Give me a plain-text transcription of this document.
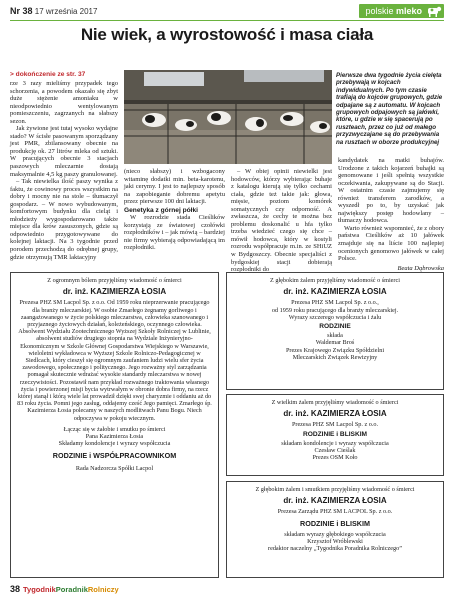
Nr 38 17 września 2017	polskie mleko
Nie wiek, a wyrostowość i masa ciała
> dokończenie ze str. 37	Pierwsze dwa tygodnie życia cielęta przebywają w kojcach indywidualnych. Po tym czasie trafiają do kojców grupowych, gdzie odpajane są z automatu. W kojcach grupowych odpajowych są jałówki, które, u gdzie w się spacerują po ruszteach, przez co już od małego przyzwyczajane są do przebywania na rusztach w oborze produkcyjnej

rze 3 razy mieliśmy przypadek tego schorzenia, a powodem okazało się zbyt duże stężenie amoniaku w nieodpowiednio wentylowanym pomieszczeniu, zagrzanych na słabszy sezon.

Jak żywione jest tutaj wysoko wydajne stado? W ścisłe pasowanym sporządzany jest PMR, zbilansowany obecnie na produkcję ok. 27 litrów mleka od sztuki. W pracujących obecnie 3 stacjach paszowych mleczarnie dostają maksymalnie 4,5 kg paszy granulowanej.

– Tak niewielka ilość paszy wynika z faktu, że cowinowy proces wszystkim na dobry i mocny nie na stole – tłumaczył gospodarz. – W nowo wybudowanym, komfortowym budynku dla cieląt i młodzieży wygospodarowano także miejsce dla krów zasuszonych, gdzie są odpowiednio przygotowywane do kolejnej laktacji. Na 3 tygodnie przed porodem przechodzą do odrębnej grupy, gdzie otrzymują TMR laktacyjny

(nieco słabszy) i wzbogacony witaminę dodatki min. beta-karotenu, jaki cerymy. I jest to najlepszy sposób na zapobieganie dobremu apetytu przez pierwsze 100 dni laktacji.

Genetyka z górnej półki

W rozrodzie stada Cieślików korzystają ze światowej czołówki rozpłodników i – jak mówią – bardziej nie firmy wybierają odpowiadającą im rozpłodniki.

– W obiej opinii niewielki jest hodowców, którzy wybierając buhaje z katalogu kierują się tylko cechami ciała, gdzie też takie jak: głowa, mięsie, poziom komórek somatycznych czy odporność. A zwłaszcza, że cechy te można bez problemu doskonalić u hfa tylko trzeba wiedzieć czego się chce – mówił hodowca, który w kostyli rozrodu współpracuje m.in. ze SHiUZ w Bydgoszczy. Obecnie specjaliści z bydgoskiej stacji dobierają rozpłodniki do

kandydatek na matki buhajów. Urodzone z takich kojarzeń buhajki są genomowane i jeśli spełnią wszystkie oczekiwania, zakupywane są do Stacji. W ostatnim czasie zajmujemy się również transferem zarodków, a wyszedł po to, by uzyskać jak największy postęp hodowlany – tłumaczy hodowca.

Warto również wspomnieć, że z obory państwa Cieślików aż 10 jałówek zmajduje się na liście 100 najlepiej ocenionych genomowo jałówek w całej Polsce.

Beata Dąbrowska

Z ogromnym bólem przyjęliśmy wiadomość o śmierci

dr. inż. KAZIMIERZA ŁOSIA

Prezesa PHZ SM Lacpol Sp. z o.o. Od 1959 roku nieprzerwanie pracującego dla branży mleczarskiej. W osobie Zmarłego żegnamy gorliwego i zaangażowanego w życie polskiego mleczarstwa, człowieka szanowanego i przyjaznego życiowych działań, koleżeńskiego, oczynnego człowieka. Absolwent Wydziału Zootechnicznego Wyższej Szkoły Rolniczej w Lublinie, absolwent studiów drugiego stopnia na Wydziale Inżynieryjno-Ekonomicznym w Szkole Głównej Gospodarstwa Wiejskiego w Warszawie, wieloletni wykładowca w Wyższej Szkole Rolniczo-Pedagogicznej w Siedlcach, który cieszył się ogromnym zaufaniem ludzi wielu sfer życia zawodowego, społecznego i politycznego. Jego rozważny styl zarządzania pomagał skutecznie wdrażać wysokie standardy mleczarstwa w nowej rzeczywistości. Pozostawił nam przykład rozważnego traktowania własnego życia i powierzonej misji bycia wytrwałym w obronie dobra firmy, na rzecz której stanął i którą wiele lat prowadził dzięki swej charyzmie i oddaniu aż do 83 roku życia. Pomni jego zasług, oddajemy cześć Jego pamięci. Zmarłego śp. Kazimierza Łosia polecamy w naszych modlitwach Panu Bogu. Niech odpoczywa w pokoju wiecznym.

Łącząc się w żałobie i smutku po śmierci

Pana Kazimierza Łosia

Składamy kondolencje i wyrazy współczucia

RODZINIE i WSPÓŁPRACOWNIKOM

Rada Nadzorcza Spółki Lacpol

Z głębokim żalem przyjęliśmy wiadomość o śmierci

dr. inż. KAZIMIERZA ŁOSIA

Prezesa PHZ SM Lacpol Sp. z o.o.,

od 1959 roku pracującego dla branży mleczarskiej.

Wyrazy szczerego współczucia i żalu

RODZINIE

składa

Waldemar Broś

Prezes Krajowego Związku Spółdzielni

Mleczarskich Związek Rewizyjny

Z wielkim żalem przyjęliśmy wiadomość o śmierci

dr. inż. KAZIMIERZA ŁOSIA

Prezesa PHZ SM Lacpol Sp. z o.o.

RODZINIE i BLISKIM

składam kondolencje i wyrazy współczucia

Czesław Cieślak

Prezes OSM Koło

Z głębokim żalem i smutkiem przyjęliśmy wiadomość o śmierci

dr. inż. KAZIMIERZA ŁOSIA

Prezesa Zarządu PHZ SM LACPOL Sp. z o.o.

RODZINIE i BLISKIM

składam wyrazy głębokiego współczucia

Krzysztof Wróblewski

redaktor naczelny „Tygodnika Poradnika Rolniczego”

38 TygodnikPoradnikRolniczy
